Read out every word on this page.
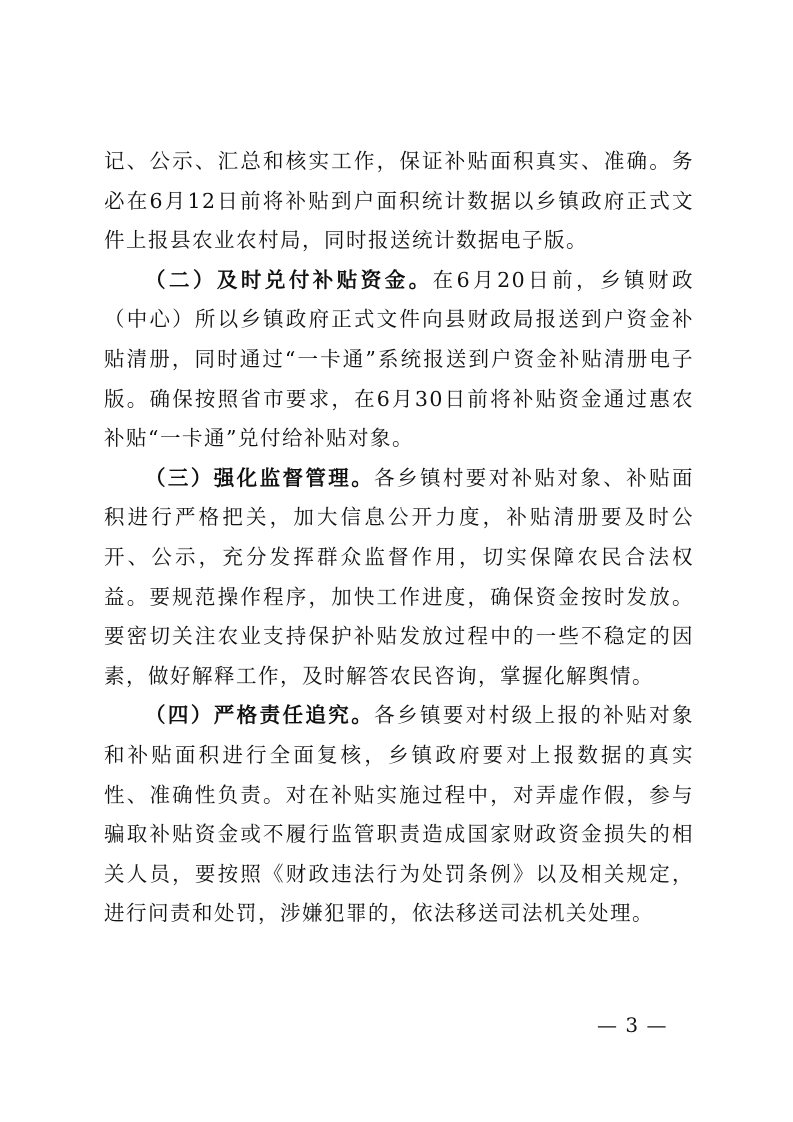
记、公示、汇总和核实工作，保证补贴面积真实、准确。务必在6月12日前将补贴到户面积统计数据以乡镇政府正式文件上报县农业农村局，同时报送统计数据电子版。

（二）及时兑付补贴资金。在6月20日前，乡镇财政（中心）所以乡镇政府正式文件向县财政局报送到户资金补贴清册，同时通过“一卡通”系统报送到户资金补贴清册电子版。确保按照省市要求，在6月30日前将补贴资金通过惠农补贴“一卡通”兑付给补贴对象。

（三）强化监督管理。各乡镇村要对补贴对象、补贴面积进行严格把关，加大信息公开力度，补贴清册要及时公开、公示，充分发挥群众监督作用，切实保障农民合法权益。要规范操作程序，加快工作进度，确保资金按时发放。要密切关注农业支持保护补贴发放过程中的一些不稳定的因素，做好解释工作，及时解答农民咨询，掌握化解舆情。

（四）严格责任追究。各乡镇要对村级上报的补贴对象和补贴面积进行全面复核，乡镇政府要对上报数据的真实性、准确性负责。对在补贴实施过程中，对弄虚作假，参与骗取补贴资金或不履行监管职责造成国家财政资金损失的相关人员，要按照《财政违法行为处罚条例》以及相关规定，进行问责和处罚，涉嫌犯罪的，依法移送司法机关处理。

— 3 —
